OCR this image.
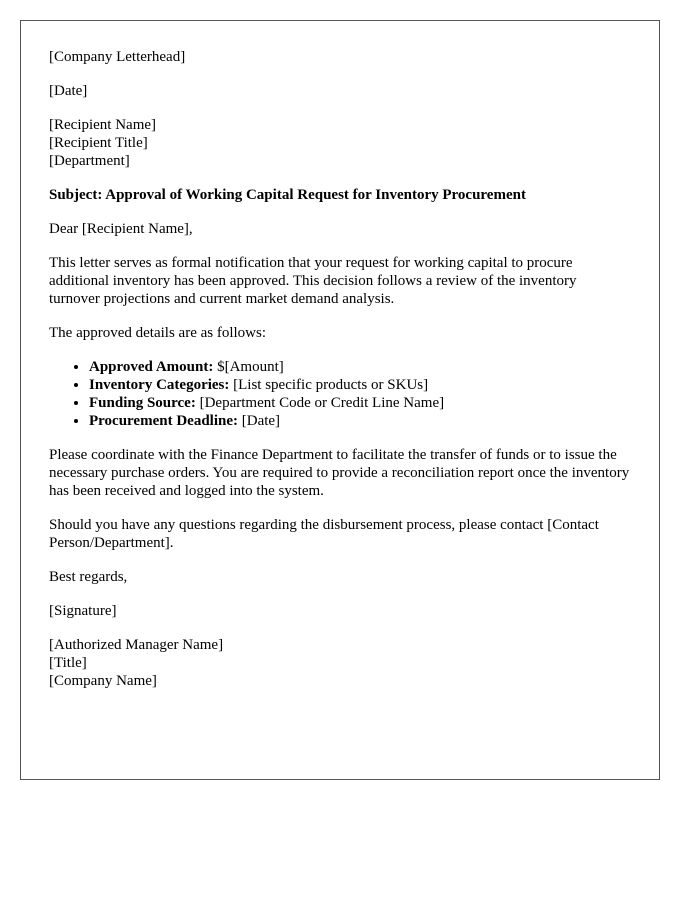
[Company Letterhead]

[Date]

[Recipient Name]
[Recipient Title]
[Department]

Subject: Approval of Working Capital Request for Inventory Procurement

Dear [Recipient Name],

This letter serves as formal notification that your request for working capital to procure additional inventory has been approved. This decision follows a review of the inventory turnover projections and current market demand analysis.

The approved details are as follows:

• Approved Amount: $[Amount]
• Inventory Categories: [List specific products or SKUs]
• Funding Source: [Department Code or Credit Line Name]
• Procurement Deadline: [Date]

Please coordinate with the Finance Department to facilitate the transfer of funds or to issue the necessary purchase orders. You are required to provide a reconciliation report once the inventory has been received and logged into the system.

Should you have any questions regarding the disbursement process, please contact [Contact Person/Department].

Best regards,

[Signature]

[Authorized Manager Name]
[Title]
[Company Name]
